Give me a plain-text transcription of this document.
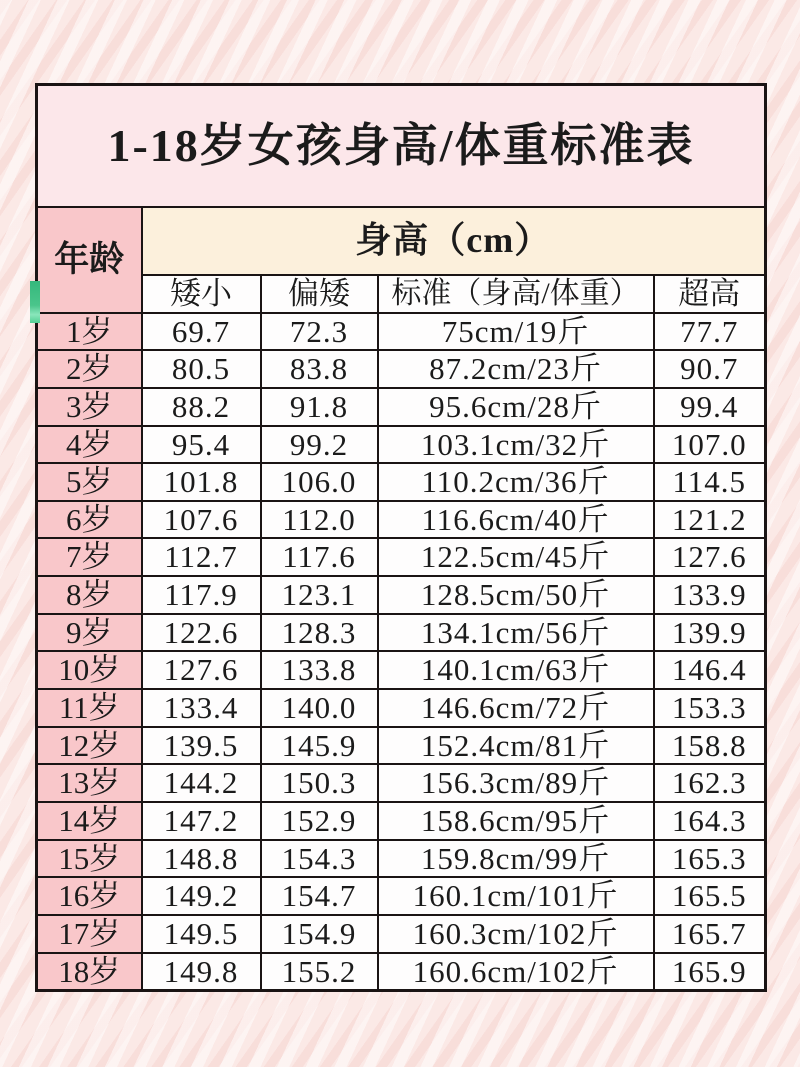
1-18岁女孩身高/体重标准表				
年龄	身高（cm）			
	矮小	偏矮	标准（身高/体重）	超高
1岁	69.7	72.3	75cm/19斤	77.7
2岁	80.5	83.8	87.2cm/23斤	90.7
3岁	88.2	91.8	95.6cm/28斤	99.4
4岁	95.4	99.2	103.1cm/32斤	107.0
5岁	101.8	106.0	110.2cm/36斤	114.5
6岁	107.6	112.0	116.6cm/40斤	121.2
7岁	112.7	117.6	122.5cm/45斤	127.6
8岁	117.9	123.1	128.5cm/50斤	133.9
9岁	122.6	128.3	134.1cm/56斤	139.9
10岁	127.6	133.8	140.1cm/63斤	146.4
11岁	133.4	140.0	146.6cm/72斤	153.3
12岁	139.5	145.9	152.4cm/81斤	158.8
13岁	144.2	150.3	156.3cm/89斤	162.3
14岁	147.2	152.9	158.6cm/95斤	164.3
15岁	148.8	154.3	159.8cm/99斤	165.3
16岁	149.2	154.7	160.1cm/101斤	165.5
17岁	149.5	154.9	160.3cm/102斤	165.7
18岁	149.8	155.2	160.6cm/102斤	165.9
